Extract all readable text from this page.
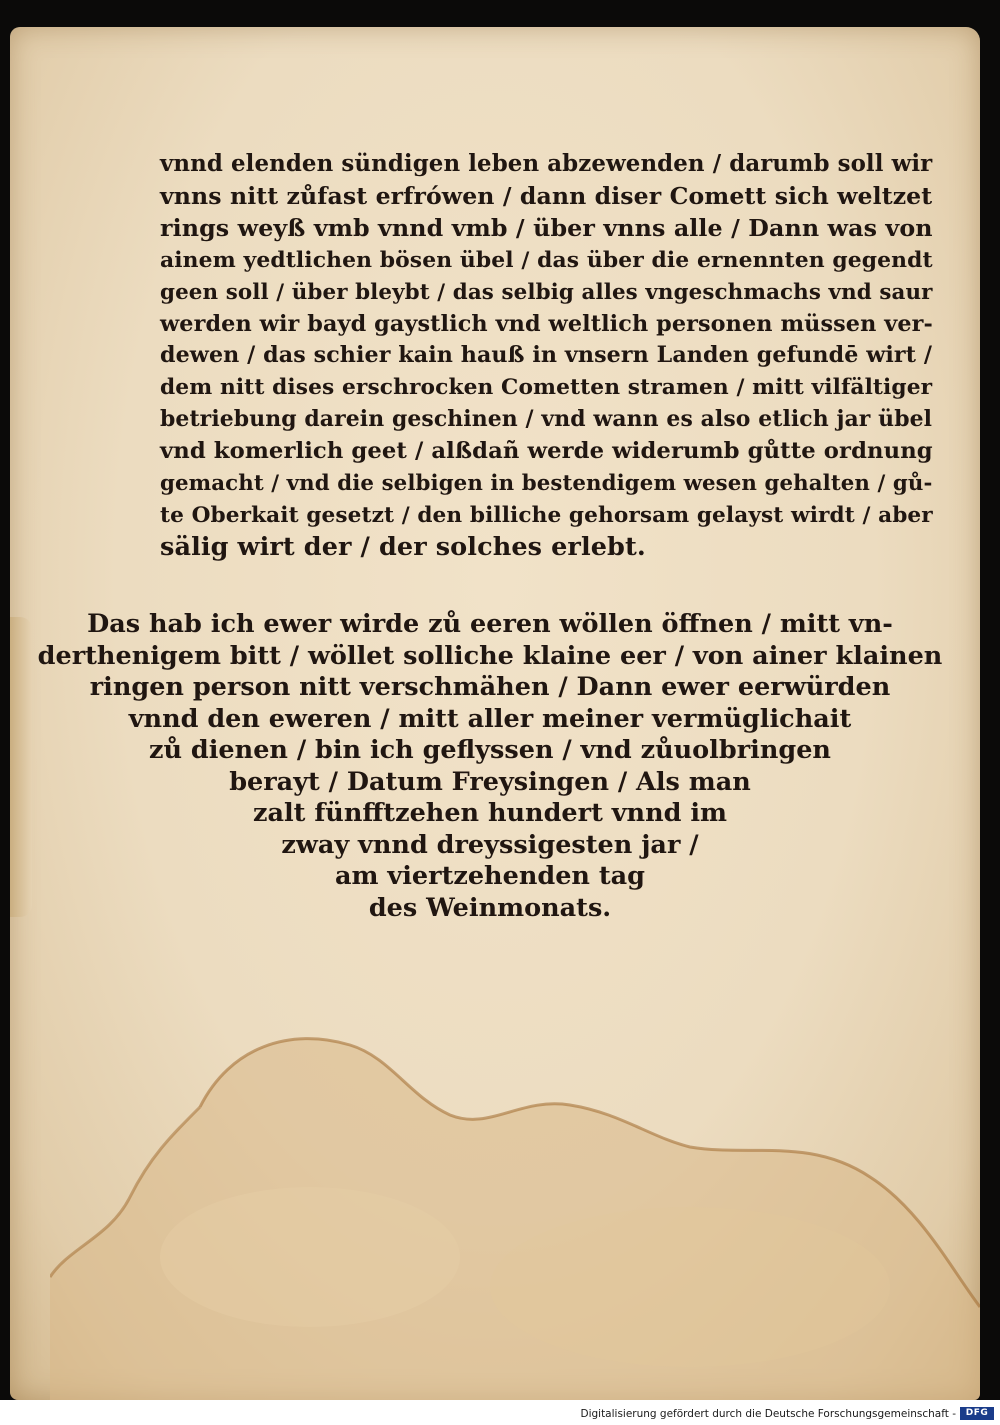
vnnd elenden sündigen leben abzewenden / darumb soll wir
vnns nitt zůfast erfrówen / dann diser Comett sich weltzet
rings weyß vmb vnnd vmb / über vnns alle / Dann was von
ainem yedtlichen bösen übel / das über die ernennten gegendt
geen soll / über bleybt / das selbig alles vngeschmachs vnd saur
werden wir bayd gaystlich vnd weltlich personen müssen ver-
dewen / das schier kain hauß in vnsern Landen gefundē wirt /
dem nitt dises erschrocken Cometten stramen / mitt vilfältiger
betriebung darein geschinen / vnd wann es also etlich jar übel
vnd komerlich geet / alßdañ werde widerumb gůtte ordnung
gemacht / vnd die selbigen in bestendigem wesen gehalten / gů-
te Oberkait gesetzt / den billiche gehorsam gelayst wirdt / aber
sälig wirt der / der solches erlebt.
Das hab ich ewer wirde zů eeren wöllen öffnen / mitt vn-
derthenigem bitt / wöllet solliche klaine eer / von ainer klainen
ringen person nitt verschmähen / Dann ewer eerwürden
vnnd den eweren / mitt aller meiner vermüglichait
zů dienen / bin ich geflyssen / vnd zůuolbringen
berayt / Datum Freysingen / Als man
zalt fünfftzehen hundert vnnd im
zway vnnd dreyssigesten jar /
am viertzehenden tag
des Weinmonats.
Digitalisierung gefördert durch die Deutsche Forschungsgemeinschaft -	DFG
